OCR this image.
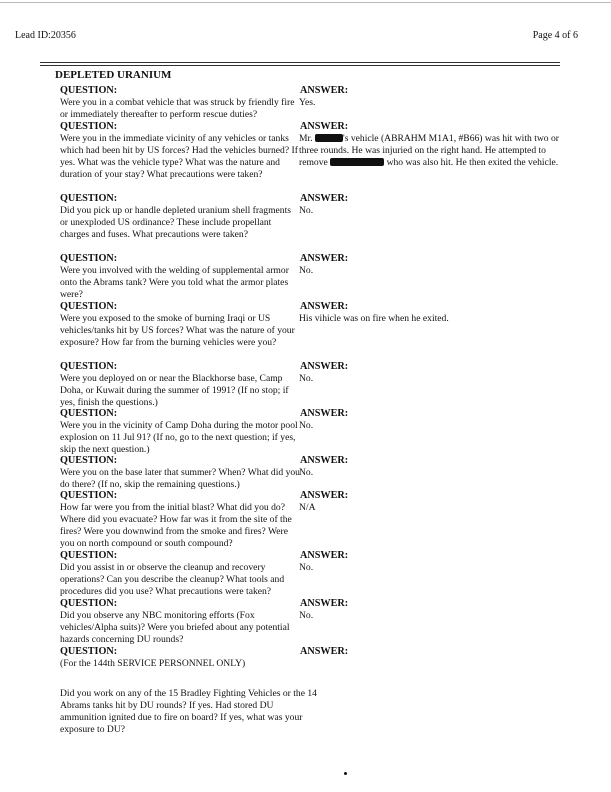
Lead ID:20356	Page 4 of 6
DEPLETED URANIUM
QUESTION:	ANSWER:
Were you in a combat vehicle that was struck by friendly fire or immediately thereafter to perform rescue duties?
Yes.
QUESTION:	ANSWER:
Were you in the immediate vicinity of any vehicles or tanks which had been hit by US forces? Had the vehicles burned? If yes. What was the vehicle type? What was the nature and duration of your stay? What precautions were taken?
Mr.	's vehicle (ABRAHM M1A1, #B66) was hit with two or three rounds. He was injuried on the right hand. He attempted to remove	who was also hit. He then exited the vehicle.
QUESTION:	ANSWER:
Did you pick up or handle depleted uranium shell fragments or unexploded US ordinance? These include propellant charges and fuses. What precautions were taken?
No.
QUESTION:	ANSWER:
Were you involved with the welding of supplemental armor onto the Abrams tank? Were you told what the armor plates were?
No.
QUESTION:	ANSWER:
Were you exposed to the smoke of burning Iraqi or US vehicles/tanks hit by US forces? What was the nature of your exposure? How far from the burning vehicles were you?
His vihicle was on fire when he exited.
QUESTION:	ANSWER:
Were you deployed on or near the Blackhorse base, Camp Doha, or Kuwait during the summer of 1991? (If no stop; if yes, finish the questions.)
No.
QUESTION:	ANSWER:
Were you in the vicinity of Camp Doha during the motor pool explosion on 11 Jul 91? (If no, go to the next question; if yes, skip the next question.)
No.
QUESTION:	ANSWER:
Were you on the base later that summer? When? What did you do there? (If no, skip the remaining questions.)
No.
QUESTION:	ANSWER:
How far were you from the initial blast? What did you do? Where did you evacuate? How far was it from the site of the fires? Were you downwind from the smoke and fires? Were you on north compound or south compound?
N/A
QUESTION:	ANSWER:
Did you assist in or observe the cleanup and recovery operations? Can you describe the cleanup? What tools and procedures did you use? What precautions were taken?
No.
QUESTION:	ANSWER:
Did you observe any NBC monitoring efforts (Fox vehicles/Alpha suits)? Were you briefed about any potential hazards concerning DU rounds?
No.
QUESTION:	ANSWER:
(For the 144th SERVICE PERSONNEL ONLY)
Did you work on any of the 15 Bradley Fighting Vehicles or the 14 Abrams tanks hit by DU rounds? If yes. Had stored DU ammunition ignited due to fire on board? If yes, what was your exposure to DU?
